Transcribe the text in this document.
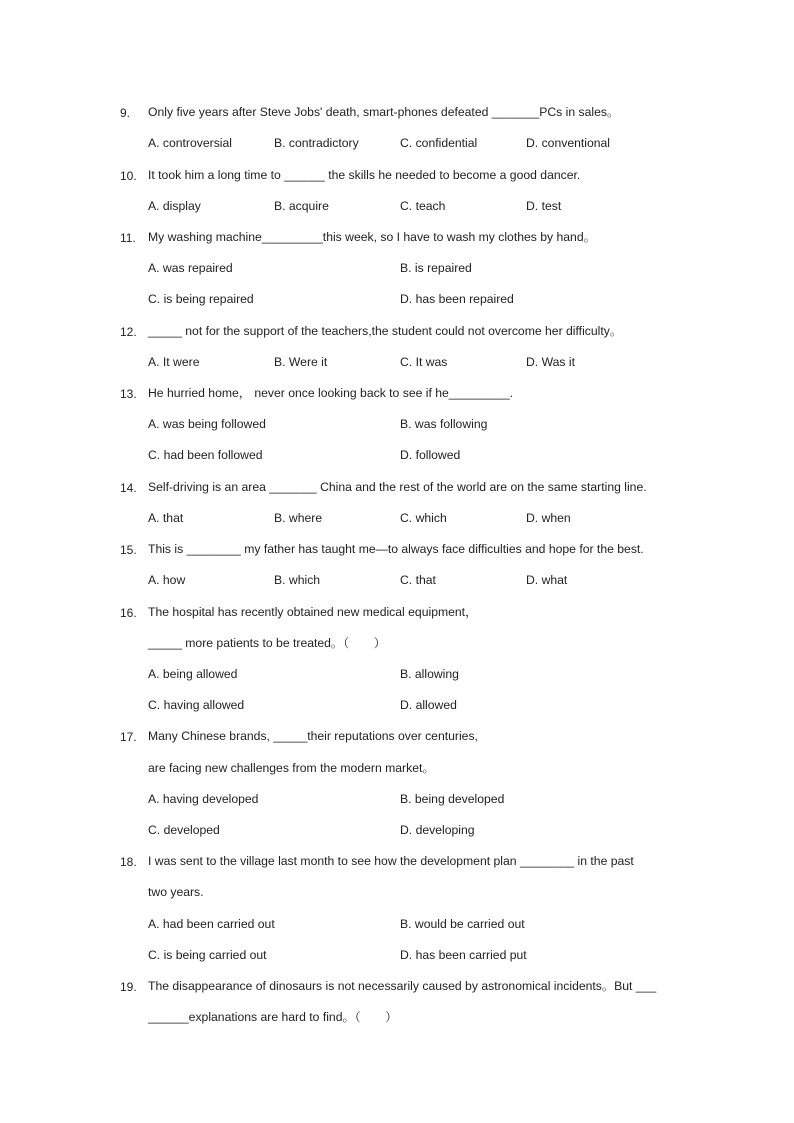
9.	Only five years after Steve Jobs' death, smart-phones defeated _______PCs in sales。
A. controversial	B. contradictory	C. confidential	D. conventional
10. It took him a long time to ______ the skills he needed to become a good dancer.
A. display	B. acquire	C. teach	D. test
11.	My washing machine_________this week, so I have to wash my clothes by hand。
A. was repaired	B. is repaired
C. is being repaired	D. has been repaired
12. _____ not for the support of the teachers,the student could not overcome her difficulty。
A. It were	B. Were it	C. It was	D. Was it
13. He hurried home， never once looking back to see if he_________.
A. was being followed	B. was following
C. had been followed	D. followed
14. Self-driving is an area _______ China and the rest of the world are on the same starting line.
A. that	B. where	C. which	D. when
15. This is ________ my father has taught me—to always face difficulties and hope for the best.
A. how	B. which	C. that	D. what
16. The hospital has recently obtained new medical equipment，
_____ more patients to be treated。（　　）
A. being allowed	B. allowing
C. having allowed	D. allowed
17. Many Chinese brands, _____their reputations over centuries,
are facing new challenges from the modern market。
A. having developed	B. being developed
C. developed	D. developing
18. I was sent to the village last month to see how the development plan ________ in the past
two years.
A. had been carried out	B. would be carried out
C. is being carried out	D. has been carried put
19. The disappearance of dinosaurs is not necessarily caused by astronomical incidents。But ___
______explanations are hard to find。（　　）
